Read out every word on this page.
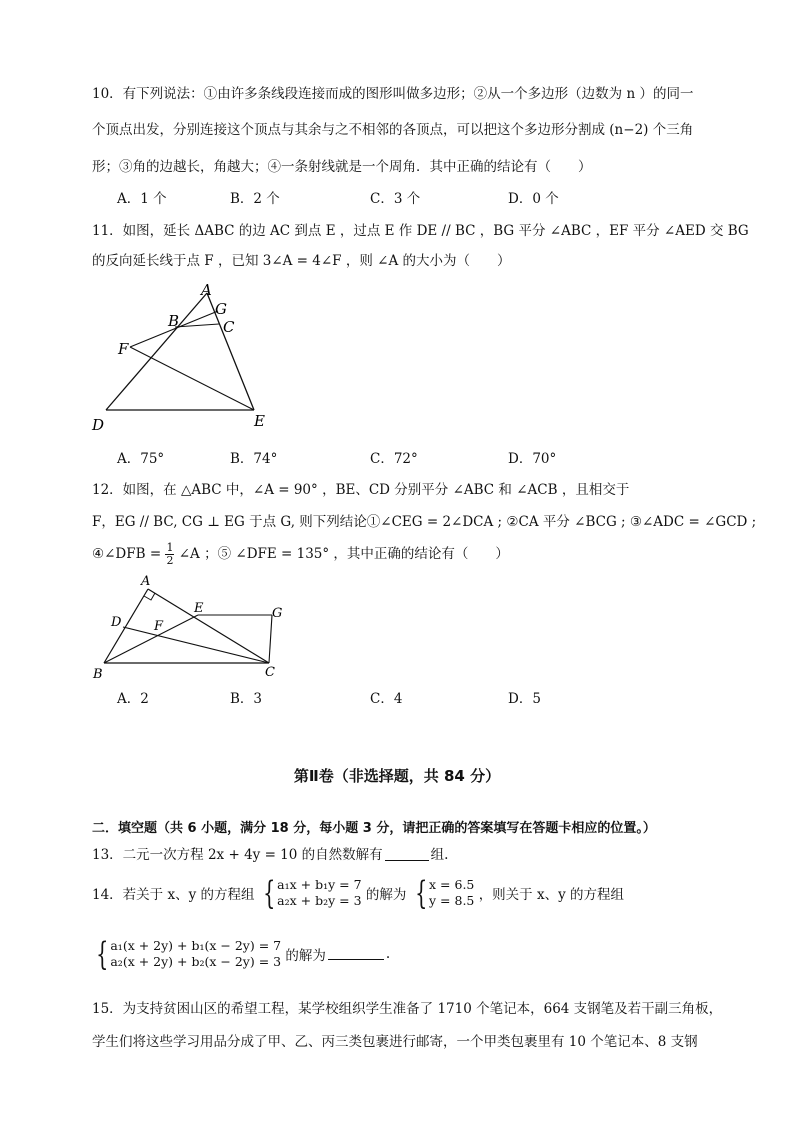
10．有下列说法：①由许多条线段连接而成的图形叫做多边形；②从一个多边形（边数为 n ）的同一
个顶点出发，分别连接这个顶点与其余与之不相邻的各顶点，可以把这个多边形分割成 (n−2) 个三角
形；③角的边越长，角越大；④一条射线就是一个周角．其中正确的结论有（　　）
A．1 个	B．2 个	C．3 个	D．0 个
11．如图，延长 ΔABC 的边 AC 到点 E ，过点 E 作 DE // BC ，BG 平分 ∠ABC ，EF 平分 ∠AED 交 BG
的反向延长线于点 F ，已知 3∠A = 4∠F ，则 ∠A 的大小为（　　）
A
G
B	C
F
D	E
A．75°	B．74°	C．72°	D．70°
12．如图，在 △ABC 中，∠A = 90° ，BE、CD 分别平分 ∠ABC 和 ∠ACB ，且相交于
F，EG // BC, CG ⊥ EG 于点 G, 则下列结论①∠CEG = 2∠DCA ; ②CA 平分 ∠BCG ; ③∠ADC = ∠GCD ;
④∠DFB = $\frac{1}{2}$ ∠A ；⑤ ∠DFE = 135° ，其中正确的结论有（　　）
A
D
E
F
G
B	C
A．2	B．3	C．4	D．5
第Ⅱ卷（非选择题，共 84 分）
二．填空题（共 6 小题，满分 18 分，每小题 3 分，请把正确的答案填写在答题卡相应的位置。）
13．二元一次方程 2x + 4y = 10 的自然数解有	组.
14．若关于 x、y 的方程组 { a₁x + b₁y = 7
a₂x + b₂y = 3 的解为 { x = 6.5
y = 8.5 ，则关于 x、y 的方程组
{ a₁(x + 2y) + b₁(x − 2y) = 7
a₂(x + 2y) + b₂(x − 2y) = 3 的解为	.
15．为支持贫困山区的希望工程，某学校组织学生准备了 1710 个笔记本，664 支钢笔及若干副三角板，
学生们将这些学习用品分成了甲、乙、丙三类包裹进行邮寄，一个甲类包裹里有 10 个笔记本、8 支钢
